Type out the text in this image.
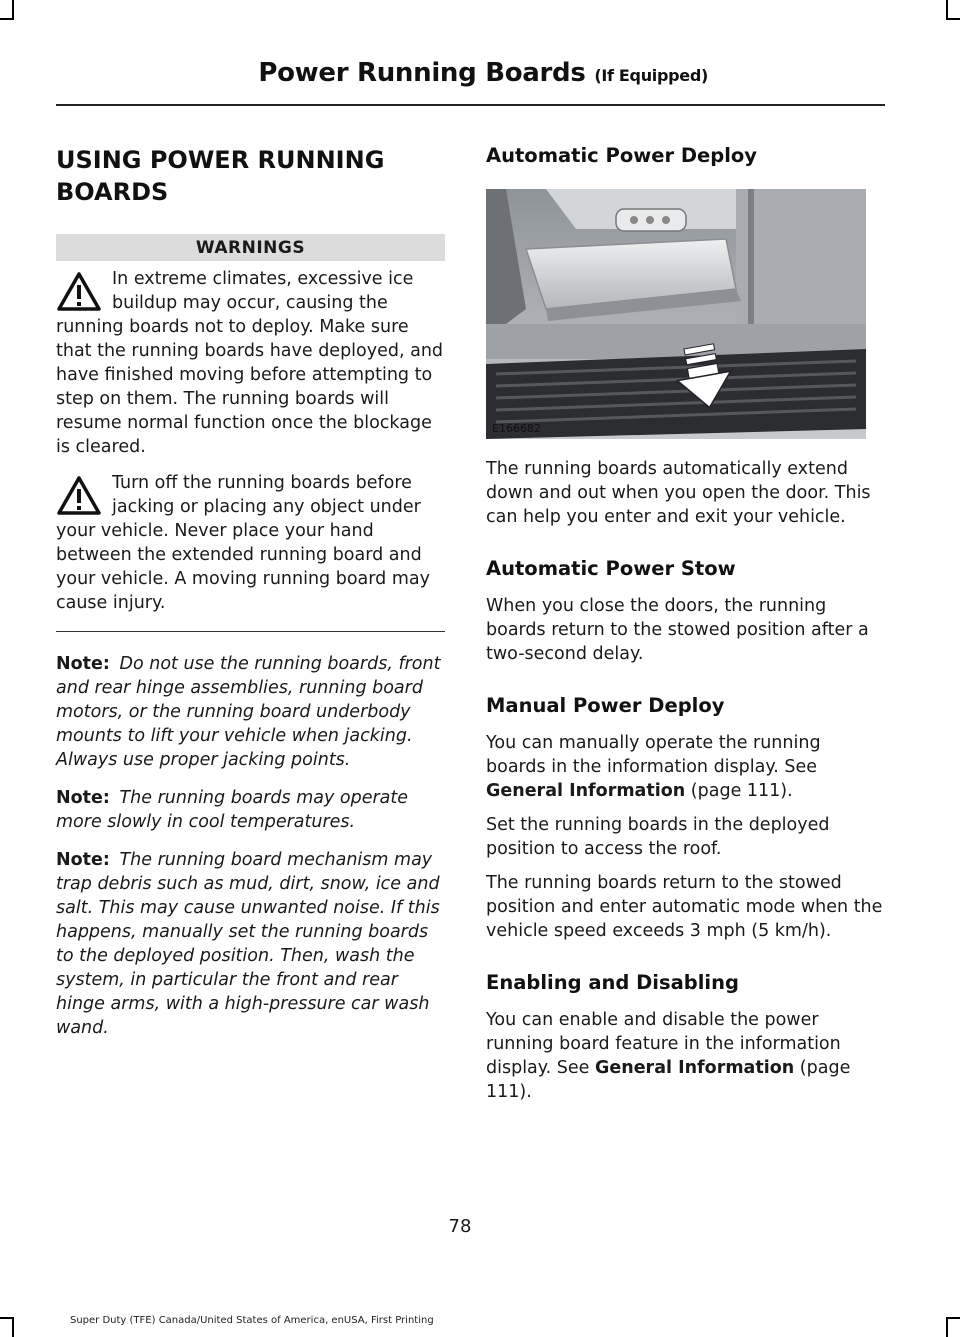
Power Running Boards (If Equipped)
USING POWER RUNNING BOARDS
WARNINGS
In extreme climates, excessive ice buildup may occur, causing the running boards not to deploy. Make sure that the running boards have deployed, and have finished moving before attempting to step on them. The running boards will resume normal function once the blockage is cleared.
Turn off the running boards before jacking or placing any object under your vehicle. Never place your hand between the extended running board and your vehicle. A moving running board may cause injury.

Note: Do not use the running boards, front and rear hinge assemblies, running board motors, or the running board underbody mounts to lift your vehicle when jacking. Always use proper jacking points.

Note: The running boards may operate more slowly in cool temperatures.

Note: The running board mechanism may trap debris such as mud, dirt, snow, ice and salt. This may cause unwanted noise. If this happens, manually set the running boards to the deployed position. Then, wash the system, in particular the front and rear hinge arms, with a high-pressure car wash wand.

Automatic Power Deploy
E166682

The running boards automatically extend down and out when you open the door. This can help you enter and exit your vehicle.

Automatic Power Stow

When you close the doors, the running boards return to the stowed position after a two-second delay.

Manual Power Deploy

You can manually operate the running boards in the information display. See General Information (page 111).

Set the running boards in the deployed position to access the roof.

The running boards return to the stowed position and enter automatic mode when the vehicle speed exceeds 3 mph (5 km/h).

Enabling and Disabling

You can enable and disable the power running board feature in the information display. See General Information (page 111).

78
Super Duty (TFE) Canada/United States of America, enUSA, First Printing
